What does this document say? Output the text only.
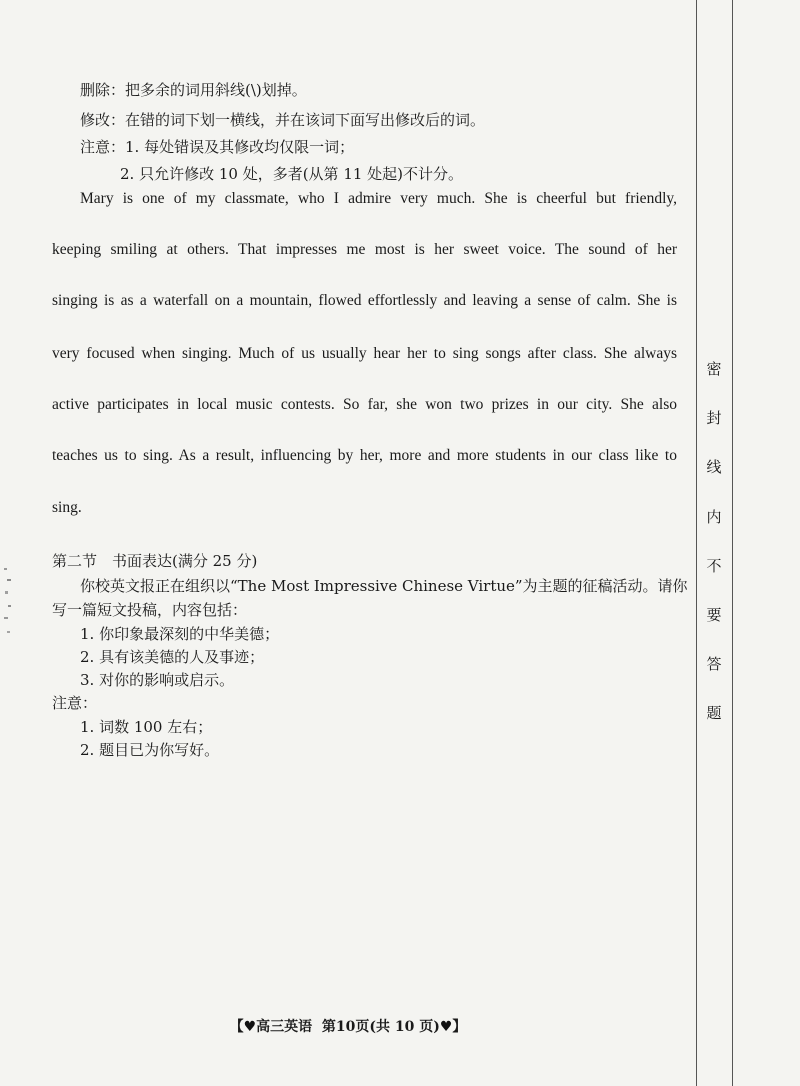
密
封
线
内
不
要
答
题
删除：把多余的词用斜线(\)划掉。
修改：在错的词下划一横线，并在该词下面写出修改后的词。
注意：1. 每处错误及其修改均仅限一词；
2. 只允许修改 10 处，多者(从第 11 处起)不计分。
Mary is one of my classmate, who I admire very much. She is cheerful but friendly,
keeping smiling at others. That impresses me most is her sweet voice. The sound of her
singing is as a waterfall on a mountain, flowed effortlessly and leaving a sense of calm. She is
very focused when singing. Much of us usually hear her to sing songs after class. She always
active participates in local music contests. So far, she won two prizes in our city. She also
teaches us to sing. As a result, influencing by her, more and more students in our class like to
sing.
第二节　书面表达(满分 25 分)
你校英文报正在组织以“The Most Impressive Chinese Virtue”为主题的征稿活动。请你
写一篇短文投稿，内容包括：
1. 你印象最深刻的中华美德；
2. 具有该美德的人及事迹；
3. 对你的影响或启示。
注意：
1. 词数 100 左右；
2. 题目已为你写好。
【♥高三英语 第10页(共 10 页)♥】
